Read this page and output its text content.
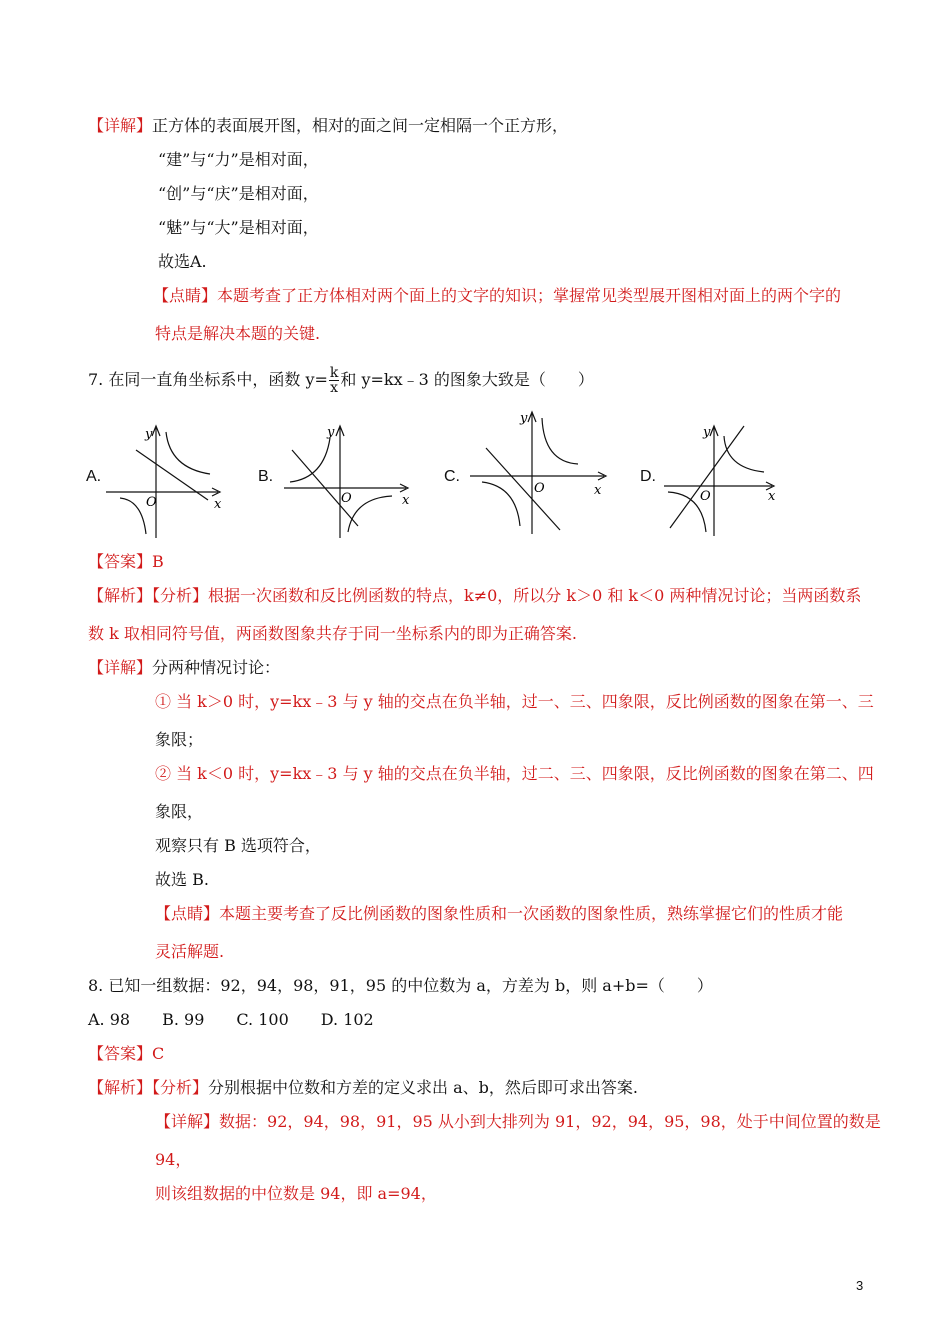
【详解】正方体的表面展开图，相对的面之间一定相隔一个正方形，
“建”与“力”是相对面，
“创”与“庆”是相对面，
“魅”与“大”是相对面，
故选A.
【点睛】本题考查了正方体相对两个面上的文字的知识；掌握常见类型展开图相对面上的两个字的
特点是解决本题的关键.
7. 在同一直角坐标系中，函数 $y= \frac{k}{x}$ 和 y=kx﹣3 的图象大致是（　　）
A.
y
O	x
B.
y
O	x
C.
y
O	x
D.
y
O	x
【答案】B
【解析】【分析】根据一次函数和反比例函数的特点，k≠0，所以分 k＞0 和 k＜0 两种情况讨论；当两函数系
数 k 取相同符号值，两函数图象共存于同一坐标系内的即为正确答案.
【详解】分两种情况讨论：
① 当 k＞0 时，y=kx﹣3 与 y 轴的交点在负半轴，过一、三、四象限，反比例函数的图象在第一、三
象限；
② 当 k＜0 时，y=kx﹣3 与 y 轴的交点在负半轴，过二、三、四象限，反比例函数的图象在第二、四
象限，
观察只有 B 选项符合，
故选 B.
【点睛】本题主要考查了反比例函数的图象性质和一次函数的图象性质，熟练掌握它们的性质才能
灵活解题.
8. 已知一组数据：92，94，98，91，95 的中位数为 a，方差为 b，则 a+b=（　　）
A. 98　　B. 99　　C. 100　　D. 102
【答案】C
【解析】【分析】分别根据中位数和方差的定义求出 a、b，然后即可求出答案.
【详解】数据：92，94，98，91，95 从小到大排列为 91，92，94，95，98，处于中间位置的数是
94，
则该组数据的中位数是 94，即 a=94，
3
